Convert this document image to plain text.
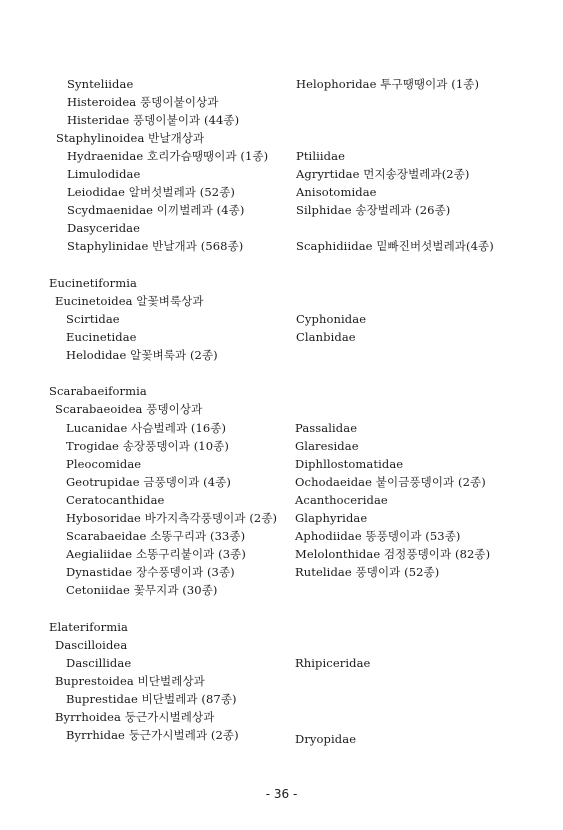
Synteliidae
Histeroidea 풍뎅이붙이상과
Histeridae 풍뎅이붙이과 (44종)
Staphylinoidea 반날개상과
Hydraenidae 호리가슴땡땡이과 (1종)
Limulodidae
Leiodidae 알버섯벌레과 (52종)
Scydmaenidae 이끼벌레과 (4종)
Dasyceridae
Staphylinidae 반날개과 (568종)
Eucinetiformia
Eucinetoidea 알꽃벼룩상과
Scirtidae
Eucinetidae
Helodidae 알꽃벼룩과 (2종)
Scarabaeiformia
Scarabaeoidea 풍뎅이상과
Lucanidae 사슴벌레과 (16종)
Trogidae 송장풍뎅이과 (10종)
Pleocomidae
Geotrupidae 금풍뎅이과 (4종)
Ceratocanthidae
Hybosoridae 바가지측각풍뎅이과 (2종)
Scarabaeidae 소똥구리과 (33종)
Aegialiidae 소똥구리붙이과 (3종)
Dynastidae 장수풍뎅이과 (3종)
Cetoniidae 꽃무지과 (30종)
Elateriformia
Dascilloidea
Dascillidae
Buprestoidea 비단벌레상과
Buprestidae 비단벌레과 (87종)
Byrrhoidea 둥근가시벌레상과
Byrrhidae 둥근가시벌레과 (2종)
Helophoridae 투구땡땡이과 (1종)
Ptiliidae
Agryrtidae 먼지송장벌레과(2종)
Anisotomidae
Silphidae 송장벌레과 (26종)
Scaphidiidae 밑빠진버섯벌레과(4종)
Cyphonidae
Clanbidae
Passalidae
Glaresidae
Diphllostomatidae
Ochodaeidae 붙이금풍뎅이과 (2종)
Acanthoceridae
Glaphyridae
Aphodiidae 똥풍뎅이과 (53종)
Melolonthidae 검정풍뎅이과 (82종)
Rutelidae 풍뎅이과 (52종)
Rhipiceridae
Dryopidae
- 36 -
